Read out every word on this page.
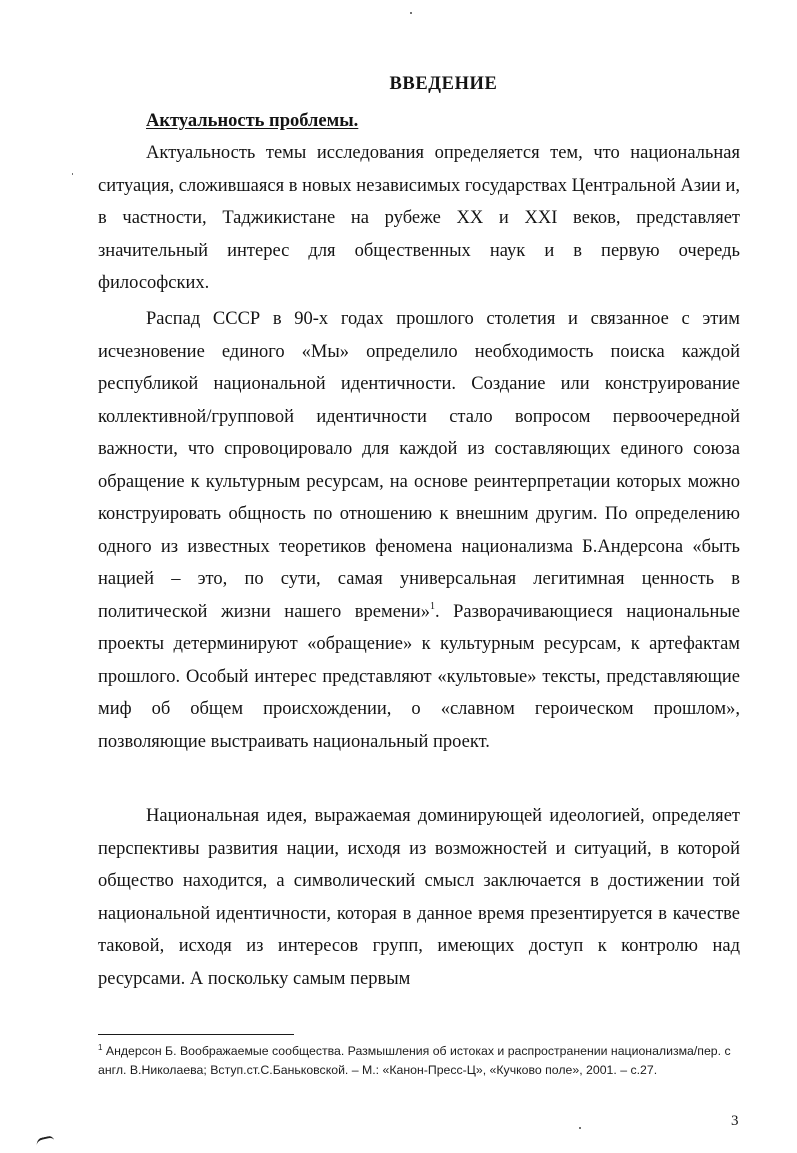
ВВЕДЕНИЕ
Актуальность проблемы.

Актуальность темы исследования определяется тем, что национальная ситуация, сложившаяся в новых независимых государствах Центральной Азии и, в частности, Таджикистане на рубеже XX и XXI веков, представляет значительный интерес для общественных наук и в первую очередь философских.

Распад СССР в 90-х годах прошлого столетия и связанное с этим исчезновение единого «Мы» определило необходимость поиска каждой республикой национальной идентичности. Создание или конструирование коллективной/групповой идентичности стало вопросом первоочередной важности, что спровоцировало для каждой из составляющих единого союза обращение к культурным ресурсам, на основе реинтерпретации которых можно конструировать общность по отношению к внешним другим. По определению одного из известных теоретиков феномена национализма Б.Андерсона «быть нацией – это, по сути, самая универсальная легитимная ценность в политической жизни нашего времени»$^1$. Разворачивающиеся национальные проекты детерминируют «обращение» к культурным ресурсам, к артефактам прошлого. Особый интерес представляют «культовые» тексты, представляющие миф об общем происхождении, о «славном героическом прошлом», позволяющие выстраивать национальный проект.

Национальная идея, выражаемая доминирующей идеологией, определяет перспективы развития нации, исходя из возможностей и ситуаций, в которой общество находится, а символический смысл заключается в достижении той национальной идентичности, которая в данное время презентируется в качестве таковой, исходя из интересов групп, имеющих доступ к контролю над ресурсами. А поскольку самым первым

$^1$ Андерсон Б. Воображаемые сообщества. Размышления об истоках и распространении национализма/пер. с англ. В.Николаева; Вступ.ст.С.Баньковской. – М.: «Канон-Пресс-Ц», «Кучково поле», 2001. – с.27.

3
